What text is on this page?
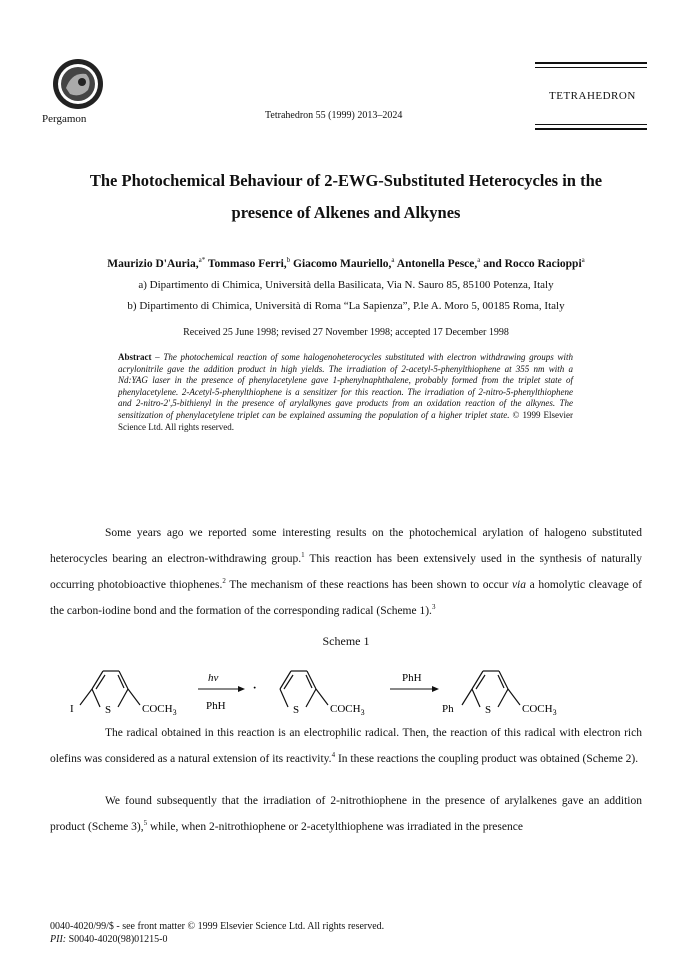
Pergamon	Tetrahedron 55 (1999) 2013–2024
TETRAHEDRON
The Photochemical Behaviour of 2-EWG-Substituted Heterocycles in the
presence of Alkenes and Alkynes
Maurizio D'Auria,$^{a*}$ Tommaso Ferri,$^b$ Giacomo Mauriello,$^a$ Antonella Pesce,$^a$ and Rocco Racioppi$^a$
a) Dipartimento di Chimica, Università della Basilicata, Via N. Sauro 85, 85100 Potenza, Italy
b) Dipartimento di Chimica, Università di Roma “La Sapienza”, P.le A. Moro 5, 00185 Roma, Italy
Received 25 June 1998; revised 27 November 1998; accepted 17 December 1998
Abstract – The photochemical reaction of some halogenoheterocycles substituted with electron withdrawing groups with acrylonitrile gave the addition product in high yields. The irradiation of 2-acetyl-5-phenylthiophene at 355 nm with a Nd:YAG laser in the presence of phenylacetylene gave 1-phenylnaphthalene, probably formed from the triplet state of phenylacetylene. 2-Acetyl-5-phenylthiophene is a sensitizer for this reaction. The irradiation of 2-nitro-5-phenylthiophene and 2-nitro-2′,5-bithienyl in the presence of arylalkynes gave products from an oxidation reaction of the alkynes. The sensitization of phenylacetylene triplet can be explained assuming the population of a higher triplet state. © 1999 Elsevier Science Ltd. All rights reserved.
Some years ago we reported some interesting results on the photochemical arylation of halogeno substituted heterocycles bearing an electron-withdrawing group.$^1$ This reaction has been extensively used in the synthesis of naturally occurring photobioactive thiophenes.$^2$ The mechanism of these reactions has been shown to occur via a homolytic cleavage of the carbon-iodine bond and the formation of the corresponding radical (Scheme 1).$^3$
Scheme 1
I	S	$COCH_3$
hν
PhH
·
S	$COCH_3$
PhH
Ph	S	$COCH_3$
The radical obtained in this reaction is an electrophilic radical. Then, the reaction of this radical with electron rich olefins was considered as a natural extension of its reactivity.$^4$ In these reactions the coupling product was obtained (Scheme 2).
We found subsequently that the irradiation of 2-nitrothiophene in the presence of arylalkenes gave an addition product (Scheme 3),$^5$ while, when 2-nitrothiophene or 2-acetylthiophene was irradiated in the presence
0040-4020/99/$ - see front matter © 1999 Elsevier Science Ltd. All rights reserved.
PII: S0040-4020(98)01215-0
